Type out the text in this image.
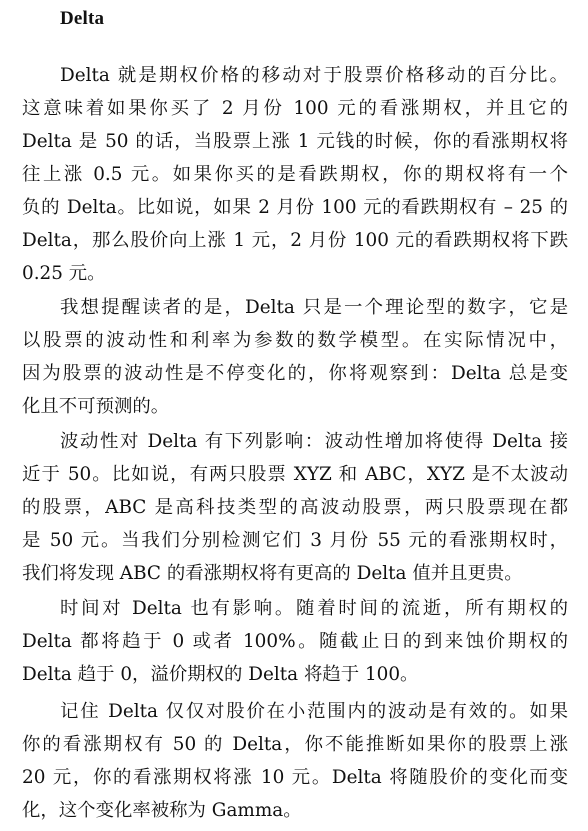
Delta
Delta 就是期权价格的移动对于股票价格移动的百分比。
这意味着如果你买了 2 月份 100 元的看涨期权，并且它的
Delta 是 50 的话，当股票上涨 1 元钱的时候，你的看涨期权将
往上涨 0.5 元。如果你买的是看跌期权，你的期权将有一个
负的 Delta。比如说，如果 2 月份 100 元的看跌期权有 – 25 的
Delta，那么股价向上涨 1 元，2 月份 100 元的看跌期权将下跌
0.25 元。
我想提醒读者的是，Delta 只是一个理论型的数字，它是
以股票的波动性和利率为参数的数学模型。在实际情况中，
因为股票的波动性是不停变化的，你将观察到：Delta 总是变
化且不可预测的。
波动性对 Delta 有下列影响：波动性增加将使得 Delta 接
近于 50。比如说，有两只股票 XYZ 和 ABC，XYZ 是不太波动
的股票，ABC 是高科技类型的高波动股票，两只股票现在都
是 50 元。当我们分别检测它们 3 月份 55 元的看涨期权时，
我们将发现 ABC 的看涨期权将有更高的 Delta 值并且更贵。
时间对 Delta 也有影响。随着时间的流逝，所有期权的
Delta 都将趋于 0 或者 100%。随截止日的到来蚀价期权的
Delta 趋于 0，溢价期权的 Delta 将趋于 100。
记住 Delta 仅仅对股价在小范围内的波动是有效的。如果
你的看涨期权有 50 的 Delta，你不能推断如果你的股票上涨
20 元，你的看涨期权将涨 10 元。Delta 将随股价的变化而变
化，这个变化率被称为 Gamma。
